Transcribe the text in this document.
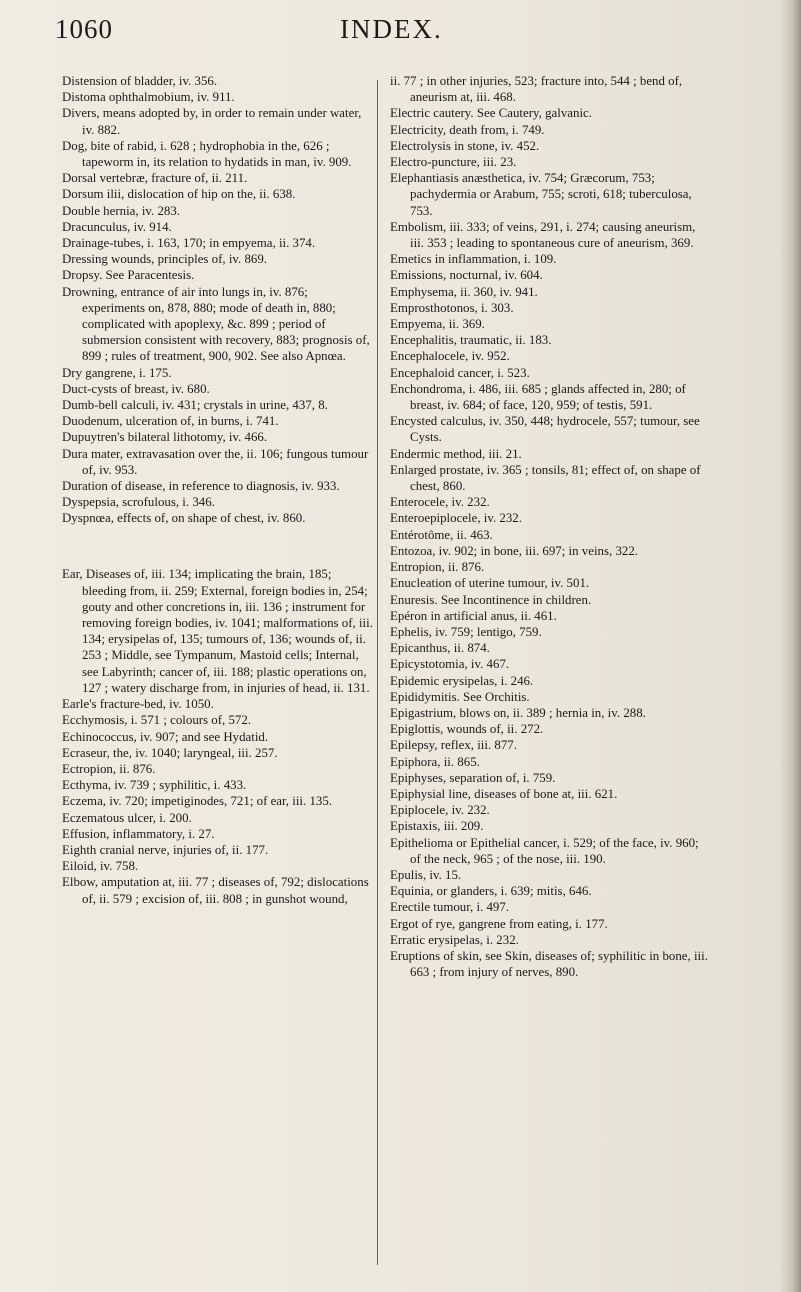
1060	INDEX.

Distension of bladder, iv. 356.

Distoma ophthalmobium, iv. 911.

Divers, means adopted by, in order to remain under water, iv. 882.

Dog, bite of rabid, i. 628 ; hydrophobia in the, 626 ; tapeworm in, its relation to hydatids in man, iv. 909.

Dorsal vertebræ, fracture of, ii. 211.

Dorsum ilii, dislocation of hip on the, ii. 638.

Double hernia, iv. 283.

Dracunculus, iv. 914.

Drainage-tubes, i. 163, 170; in empyema, ii. 374.

Dressing wounds, principles of, iv. 869.

Dropsy. See Paracentesis.

Drowning, entrance of air into lungs in, iv. 876; experiments on, 878, 880; mode of death in, 880; complicated with apoplexy, &c. 899 ; period of submersion consistent with recovery, 883; prognosis of, 899 ; rules of treatment, 900, 902. See also Apnœa.

Dry gangrene, i. 175.

Duct-cysts of breast, iv. 680.

Dumb-bell calculi, iv. 431; crystals in urine, 437, 8.

Duodenum, ulceration of, in burns, i. 741.

Dupuytren's bilateral lithotomy, iv. 466.

Dura mater, extravasation over the, ii. 106; fungous tumour of, iv. 953.

Duration of disease, in reference to diagnosis, iv. 933.

Dyspepsia, scrofulous, i. 346.

Dyspnœa, effects of, on shape of chest, iv. 860.

Ear, Diseases of, iii. 134; implicating the brain, 185; bleeding from, ii. 259; External, foreign bodies in, 254; gouty and other concretions in, iii. 136 ; instrument for removing foreign bodies, iv. 1041; malformations of, iii. 134; erysipelas of, 135; tumours of, 136; wounds of, ii. 253 ; Middle, see Tympanum, Mastoid cells; Internal, see Labyrinth; cancer of, iii. 188; plastic operations on, 127 ; watery discharge from, in injuries of head, ii. 131.

Earle's fracture-bed, iv. 1050.

Ecchymosis, i. 571 ; colours of, 572.

Echinococcus, iv. 907; and see Hydatid.

Ecraseur, the, iv. 1040; laryngeal, iii. 257.

Ectropion, ii. 876.

Ecthyma, iv. 739 ; syphilitic, i. 433.

Eczema, iv. 720; impetiginodes, 721; of ear, iii. 135.

Eczematous ulcer, i. 200.

Effusion, inflammatory, i. 27.

Eighth cranial nerve, injuries of, ii. 177.

Eiloid, iv. 758.

Elbow, amputation at, iii. 77 ; diseases of, 792; dislocations of, ii. 579 ; excision of, iii. 808 ; in gunshot wound,

ii. 77 ; in other injuries, 523; fracture into, 544 ; bend of, aneurism at, iii. 468.

Electric cautery. See Cautery, galvanic.

Electricity, death from, i. 749.

Electrolysis in stone, iv. 452.

Electro-puncture, iii. 23.

Elephantiasis anæsthetica, iv. 754; Græcorum, 753; pachydermia or Arabum, 755; scroti, 618; tuberculosa, 753.

Embolism, iii. 333; of veins, 291, i. 274; causing aneurism, iii. 353 ; leading to spontaneous cure of aneurism, 369.

Emetics in inflammation, i. 109.

Emissions, nocturnal, iv. 604.

Emphysema, ii. 360, iv. 941.

Emprosthotonos, i. 303.

Empyema, ii. 369.

Encephalitis, traumatic, ii. 183.

Encephalocele, iv. 952.

Encephaloid cancer, i. 523.

Enchondroma, i. 486, iii. 685 ; glands affected in, 280; of breast, iv. 684; of face, 120, 959; of testis, 591.

Encysted calculus, iv. 350, 448; hydrocele, 557; tumour, see Cysts.

Endermic method, iii. 21.

Enlarged prostate, iv. 365 ; tonsils, 81; effect of, on shape of chest, 860.

Enterocele, iv. 232.

Enteroepiplocele, iv. 232.

Entérotôme, ii. 463.

Entozoa, iv. 902; in bone, iii. 697; in veins, 322.

Entropion, ii. 876.

Enucleation of uterine tumour, iv. 501.

Enuresis. See Incontinence in children.

Epéron in artificial anus, ii. 461.

Ephelis, iv. 759; lentigo, 759.

Epicanthus, ii. 874.

Epicystotomia, iv. 467.

Epidemic erysipelas, i. 246.

Epididymitis. See Orchitis.

Epigastrium, blows on, ii. 389 ; hernia in, iv. 288.

Epiglottis, wounds of, ii. 272.

Epilepsy, reflex, iii. 877.

Epiphora, ii. 865.

Epiphyses, separation of, i. 759.

Epiphysial line, diseases of bone at, iii. 621.

Epiplocele, iv. 232.

Epistaxis, iii. 209.

Epithelioma or Epithelial cancer, i. 529; of the face, iv. 960; of the neck, 965 ; of the nose, iii. 190.

Epulis, iv. 15.

Equinia, or glanders, i. 639; mitis, 646.

Erectile tumour, i. 497.

Ergot of rye, gangrene from eating, i. 177.

Erratic erysipelas, i. 232.

Eruptions of skin, see Skin, diseases of; syphilitic in bone, iii. 663 ; from injury of nerves, 890.
